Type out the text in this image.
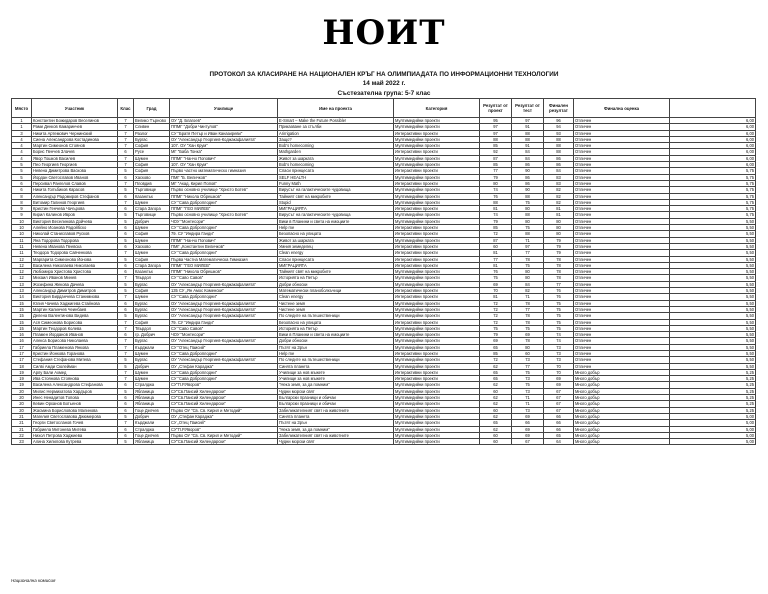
НОИТ
ПРОТОКОЛ ЗА КЛАСИРАНЕ НА НАЦИОНАЛЕН КРЪГ НА ОЛИМПИАДАТА ПО ИНФОРМАЦИОННИ ТЕХНОЛОГИИ
14 май 2022 г.
Състезателна група: 5-7 клас
Място	Участник	Клас	Град	Училище	Име на проекта	Категория	Резултат от проект	Резултат от тест	Финален резултат	Финална оценка	
1	Константин Божидаров Веселинов	7	Велико Търново	ОУ "Д. Благоев"	E-Smart – Make the Future Possible!	Мултимедийни проекти	95	97	96	Отличен	6,00
1	Рами Денков Камаринчев	7	Сливен	ППМГ "Добри Чинтулов"	Приказване за стълби	Мултимедийни проекти	97	91	94	Отличен	6,00
3	Никита Артемович Чернинский	7	Разлог	СУ "Братя Петър и Иван Каназиреви"	Arirrigation	Интерактивни проекти	97	88	93	Отличен	6,00
4	Сиена Александрова Костадинова	7	Бургас	ОУ "Александър Георгиев-Коджакафалията"	Защо?	Мултимедийни проекти	88	88	88	Отличен	6,00
4	Мартин Симеонов Стоянов	7	София	107. ОУ "Хан Крум"	Bob's homecoming	Мултимедийни проекти	85	91	88	Отличен	6,00
4	Борис Пенчев Злачев	6	Русе	МГ "Баба Тонка"	Mathgarden	Интерактивни проекти	92	84	88	Отличен	6,00
4	Явор Тошков Василев	7	Шумен	ППМГ "Нанчо Попович"	Живот за шарката	Мултимедийни проекти	87	84	86	Отличен	6,00
5	Пео Георгиев Георгиев	7	София	107. ОУ "Хан Крум"	Bob's homecoming	Мултимедийни проекти	85	86	86	Отличен	6,00
5	Невена Димитрова Васкова	5	София	Първо частно математическо гимназия	Спаси принцесата	Интерактивни проекти	77	90	84	Отличен	5,75
5	Йордан Светославов Иванов	6	Хасково	ПМГ "Б. Величков"	SELF HEALTH	Мултимедийни проекти	79	86	83	Отличен	5,75
6	Персивал Рангелов Славов	7	Пловдив	МГ "Акад. Кирил Попов"	Funny Math	Интерактивни проекти	80	86	83	Отличен	5,75
6	Никита Голъбиков Карасов	5	Търговище	Първо основно училище "Христо Ботев"	Вирусът на галактическите чудовища	Мултимедийни проекти	74	90	82	Отличен	5,75
8	Александър Радомиров Стефанов	6	Казанлък	ППМГ "Никола Обрешков"	Тайният свят на микробите	Мултимедийни проекти	76	88	82	Отличен	5,75
8	Витомир Галинов Георгиев	7	Шумен	СУ "Сава Доброплодни"	Stupid	Мултимедийни проекти	88	75	82	Отличен	5,75
9	Кристин Генчева Чачърова	6	Стара Загора	ППМГ "ГЕО МИЛЕВ"	МИГРАЦИЯТА	Интерактивни проекти	81	80	81	Отличен	5,75
9	Кирил Калинов Ивров	5	Търговище	Първо основно училище "Христо Ботев"	Вирусът на галактическите чудовища	Мултимедийни проекти	74	88	81	Отличен	5,75
10	Виктория Веселинова Дойчева	5	Добрич	ЧОУ "Монтесори"	Вики в Планини и света на емоциите	Мултимедийни проекти	79	80	80	Отличен	5,50
10	Алейно Иоанова Радойбско	6	Шумен	СУ "Сава Доброплодни"	Help me	Интерактивни проекти	85	75	80	Отличен	5,50
10	Николай Станиславов Русков	6	София	79. СУ "Индира Ганди"	Безопасно на улицата	Интерактивни проекти	72	88	80	Отличен	5,50
11	Яна Тодорова Тодорова	5	Шумен	ППМГ "Нанчо Попович"	Живот за шарката	Мултимедийни проекти	87	71	79	Отличен	5,50
11	Невена Иванова Пеевска	6	Хасково	ПМГ „Константин Величков"	Умния земеделец	Интерактивни проекти	60	97	79	Отличен	5,50
11	Теодора Тодорова Савченкова	7	Шумен	СУ "Сава Доброплодни"	Clean energy	Интерактивни проекти	81	77	79	Отличен	5,50
12	Маргарита Симеонова Йонова	5	София	Първа Частна Математическа Гимназия	Спаси принцесата	Интерактивни проекти	77	78	78	Отличен	5,50
12	Василена Николаева Николаева	6	Стара Загора	ППМГ "ГЕО МИЛЕВ"	МИГРАЦИЯТА	Интерактивни проекти	81	75	78	Отличен	5,50
12	Любомира Христова Христова	6	Казанлък	ППМГ "Никола Обрешков"	Тайният свят на микробите	Мултимедийни проекти	76	80	78	Отличен	5,50
12	Михаил Иванов Минев	7	Твърдол	СУ "Саво Савов"	Историята на Петър	Мултимедийни проекти	75	80	78	Отличен	5,50
13	Жозефина Жекова Дачева	5	Бургас	ОУ "Александър Георгиев-Коджакафалията"	Добри обноски	Мултимедийни проекти	69	84	77	Отличен	5,50
13	Александър Димитров Димитров	5	София	135 СУ „Ян Амос Коменски"	Математически планоболкъчици	Интерактивни проекти	70	82	76	Отличен	5,50
14	Виктория Бирданчева Станимиова	7	Шумен	СУ "Сава Доброплодни"	Clean energy	Интерактивни проекти	81	71	76	Отличен	5,50
15	Юлия Чачева Хаджигева Стайнова	6	Бургас	ОУ "Александър Георгиев-Коджакафалията"	Чистене земя	Мултимедийни проекти	72	78	75	Отличен	5,50
15	Мартин Калинчев Чеинбаев	6	Бургас	ОУ "Александър Георгиев-Коджакафалията"	Чистене земя	Мултимедийни проекти	72	77	75	Отличен	5,50
15	Делена Валентинова Видева	5	Бургас	ОУ "Александър Георгиев-Коджакафалията"	По следите на пътешественици	Мултимедийни проекти	72	78	75	Отличен	5,50
15	Ася Симеонова Борисова	7	София	79. СУ "Индира Ганди"	Безопасно на улицата	Интерактивни проекти	72	78	75	Отличен	5,50
15	Мартин Теодоров Колева	7	Твърдол	СУ "Саво Савов"	Историята на Петър	Мултимедийни проекти	75	75	75	Отличен	5,50
16	Пламен Йорданов Иванов	6	гр. Добрич	ЧОУ "Монтесори"	Вики в Планини и света на емоциите	Мултимедийни проекти	79	69	74	Отличен	5,50
16	Алекса Борисова Николаева	7	Бургас	ОУ "Александър Георгиев-Коджакафалията"	Добри обноски	Мултимедийни проекти	69	78	74	Отличен	5,50
17	Габриела Пламенова Янкова	7	Кърджали	СУ "Отец Паисий"	Пътят на Зрън	Мултимедийни проекти	65	80	73	Отличен	5,50
17	Кристин Йонкова Горанова	7	Шумен	СУ "Сава Доброплодни"	Help me	Интерактивни проекти	85	60	73	Отличен	5,50
17	Стефания Стефанова Митева	5	Бургас	ОУ "Александър Георгиев-Коджакафалията"	По следите на пътешественици	Мултимедийни проекти	72	73	73	Отличен	5,50
18	Силвi Амди Сюлейман	5	Добрич	ОУ „Стефан Караджа"	Синята планета	Мултимедийни проекти	62	77	70	Отличен	5,50
19	Арлу Бали Ахмед	7	Шумен	СУ "Сава Доброплодни"	Училище за нов мъжете	Интерактивни проекти	65	75	70	Много добър	5,25
19	Ива Стоянова Стоянова	7	Шумен	СУ "Сава Доброплодни"	Училище за нов мъжете	Интерактивни проекти	65	73	69	Много добър	5,25
19	Василена Александрова Стефанова	6	Стралджа	СУ"П.Р.Яворов"	"Нека земя, за да помним"	Мултимедийни проекти	62	75	69	Много добър	5,25
20	Милис Нермихатова Хардъров	5	Ябланица	СУ"Св.Паисий Хилендарски"	Чудни морски свят	Мултимедийни проекти	60	73	67	Много добър	5,25
20	Инес Ненадитов Топова	6	Ябланица	СУ"Св.Паисий Хилендарски"	Български празници и обичаи	Мултимедийни проекти	62	71	67	Много добър	5,25
20	Кевин Орханов Ботьенов	6	Ябланица	СУ"Св.Паисий Хилендарски"	Български празници и обичаи	Мултимедийни проекти	62	71	67	Много добър	5,25
20	Жасмина Борислововa Малинова	6	Гоце Делчев	Първо ОУ "Св. Св. Кирил и Методий"	Забелижателният свят на животните	Мултимедийни проекти	60	73	67	Много добър	5,25
21	Магелия Светославова Джюмерова	5	Добрич	ОУ „Стефан Караджа"	Синята планета	Мултимедийни проекти	62	69	66	Много добър	5,00
21	Георги Светосланов Гочев	7	Кърджали	СУ „Отец Паисий"	Пътят на Зрън	Мултимедийни проекти	65	66	66	Много добър	5,00
21	Габриела Митонева Митева	6	Стралджа	СУ"П.Р.Яворов"	"Нека земя, за да помним"	Мултимедийни проекти	62	69	66	Много добър	5,00
22	Нихол Петрова Хаджиева	6	Гоце Делчев	Първо ОУ "Св. Св. Кирил и Методий"	Забелижателният свят на животните	Мултимедийни проекти	60	69	65	Много добър	5,00
23	Алина Хилилова Кутрева	5	Ябланица	СУ"Св.Паисий Хилендарски"	Чудни морски свят	Мултимедийни проекти	60	67	64	Много добър	5,00
Национална комисия
